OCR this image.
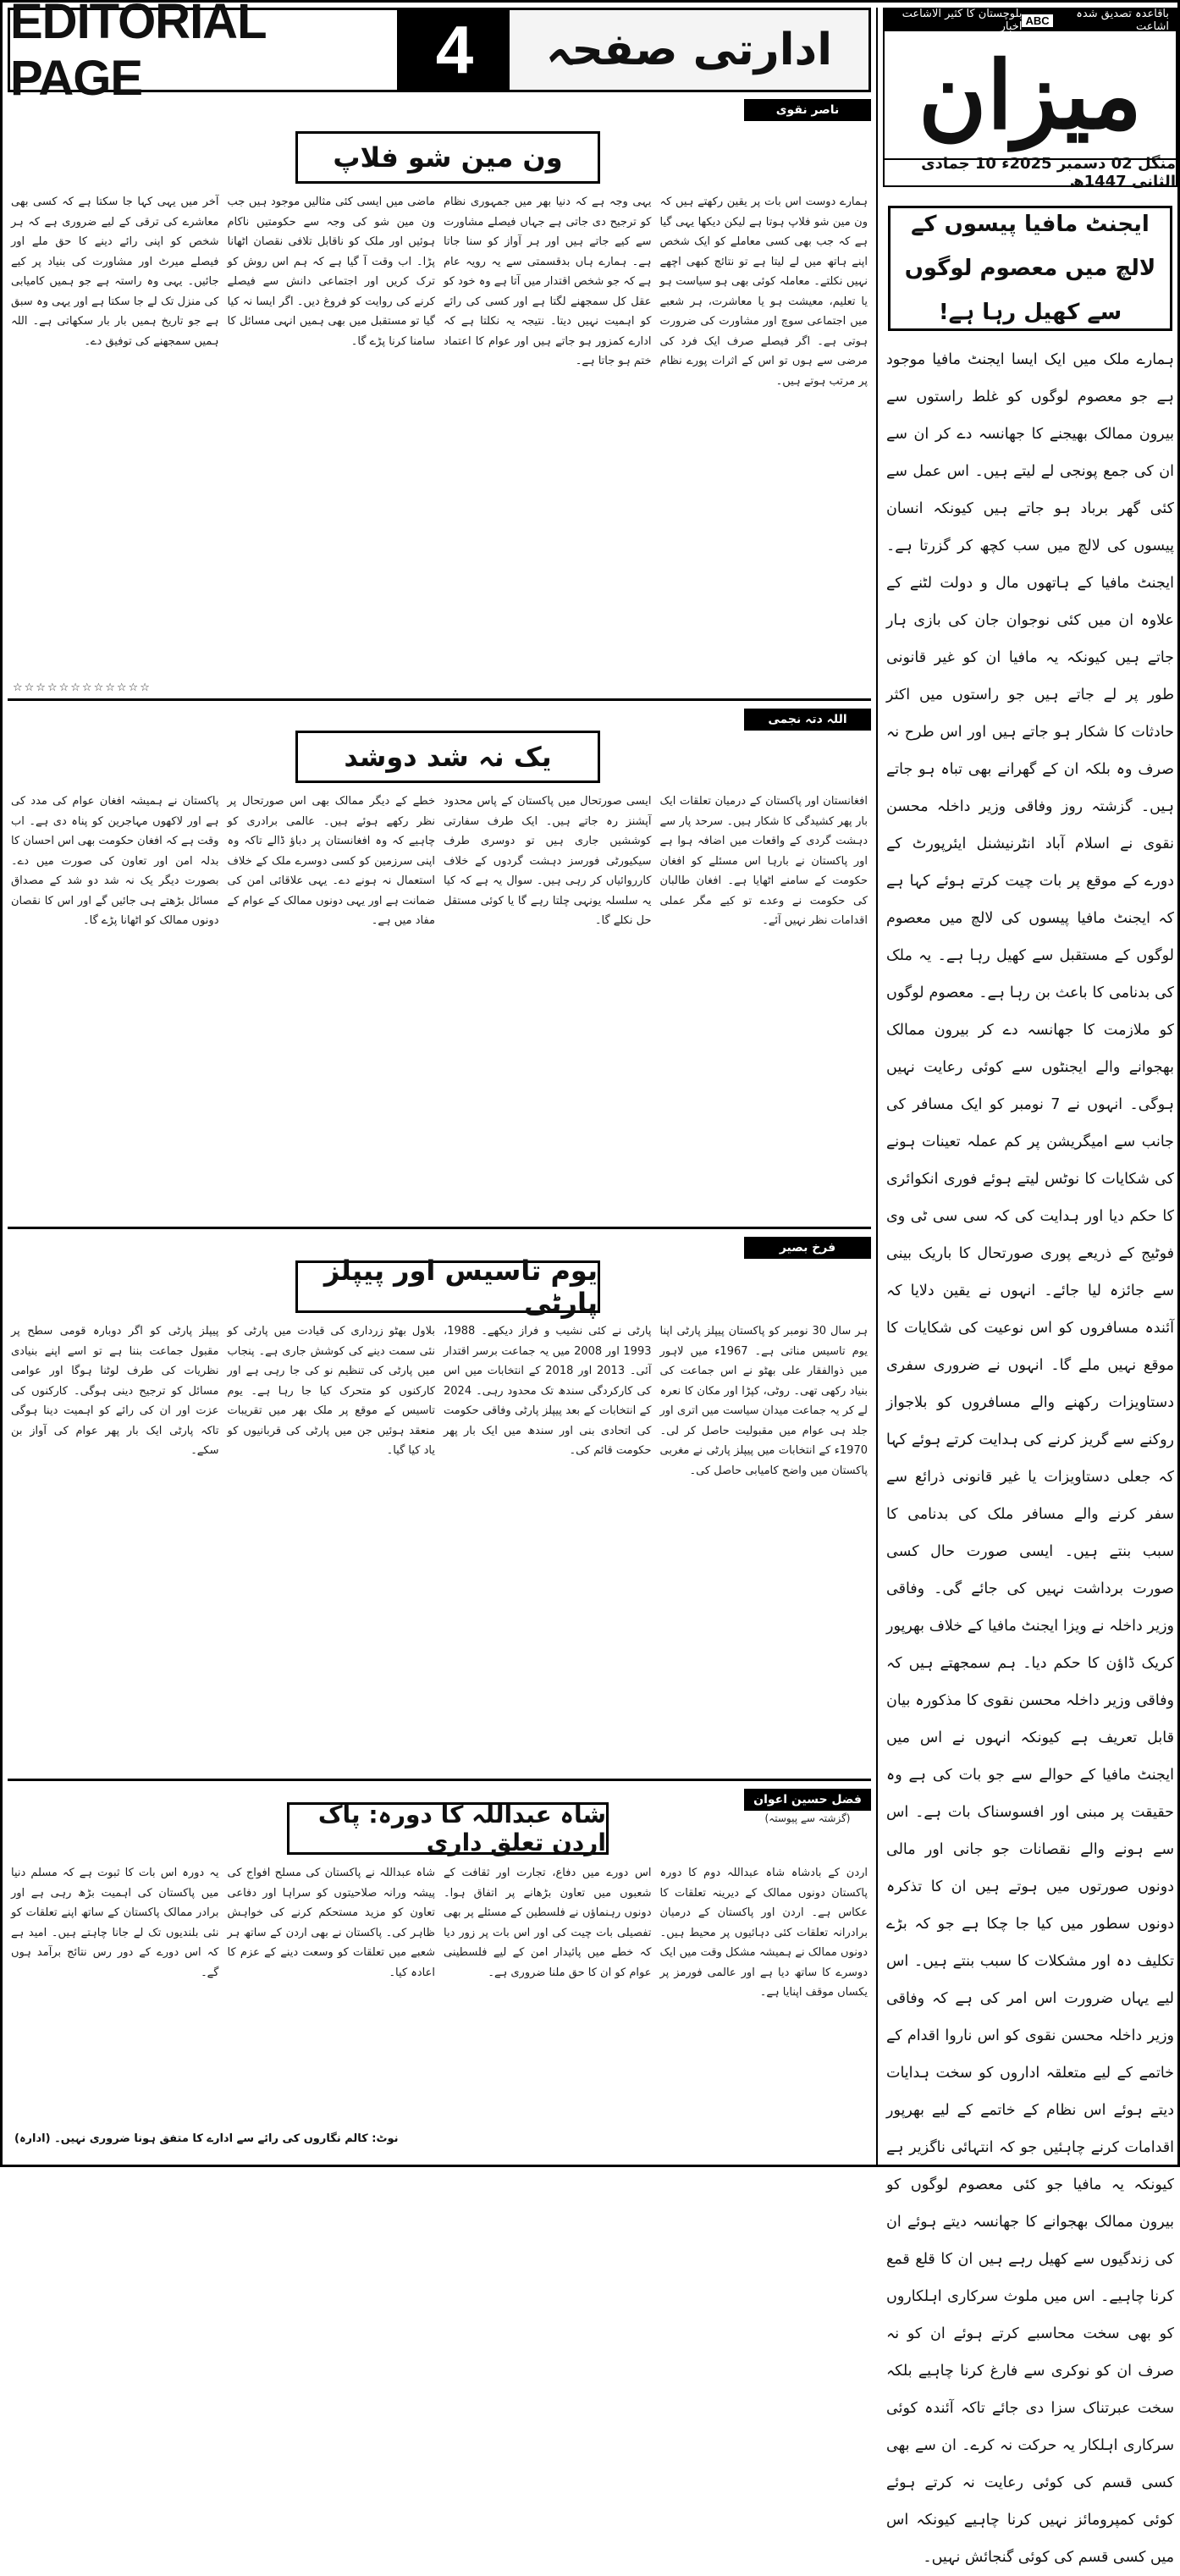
EDITORIAL PAGE	4	ادارتی صفحہ
باقاعدہ تصدیق شدہ اشاعت
ABC
بلوچستان کا کثیر الاشاعت اخبار
میزان
منگل 02 دسمبر 2025ء 10 جمادی الثانی 1447ھ
ایجنٹ مافیا پیسوں کے لالچ میں معصوم لوگوں سے کھیل رہا ہے!
ہمارے ملک میں ایک ایسا ایجنٹ مافیا موجود ہے جو معصوم لوگوں کو غلط راستوں سے بیرون ممالک بھیجنے کا جھانسہ دے کر ان سے ان کی جمع پونجی لے لیتے ہیں۔ اس عمل سے کئی گھر برباد ہو جاتے ہیں کیونکہ انسان پیسوں کی لالچ میں سب کچھ کر گزرتا ہے۔ ایجنٹ مافیا کے ہاتھوں مال و دولت لٹنے کے علاوہ ان میں کئی نوجوان جان کی بازی ہار جاتے ہیں کیونکہ یہ مافیا ان کو غیر قانونی طور پر لے جاتے ہیں جو راستوں میں اکثر حادثات کا شکار ہو جاتے ہیں اور اس طرح نہ صرف وہ بلکہ ان کے گھرانے بھی تباہ ہو جاتے ہیں۔ گزشتہ روز وفاقی وزیر داخلہ محسن نقوی نے اسلام آباد انٹرنیشنل ایئرپورٹ کے دورے کے موقع پر بات چیت کرتے ہوئے کہا ہے کہ ایجنٹ مافیا پیسوں کی لالچ میں معصوم لوگوں کے مستقبل سے کھیل رہا ہے۔ یہ ملک کی بدنامی کا باعث بن رہا ہے۔ معصوم لوگوں کو ملازمت کا جھانسہ دے کر بیرون ممالک بھجوانے والے ایجنٹوں سے کوئی رعایت نہیں ہوگی۔ انہوں نے 7 نومبر کو ایک مسافر کی جانب سے امیگریشن پر کم عملہ تعینات ہونے کی شکایات کا نوٹس لیتے ہوئے فوری انکوائری کا حکم دیا اور ہدایت کی کہ سی سی ٹی وی فوٹیج کے ذریعے پوری صورتحال کا باریک بینی سے جائزہ لیا جائے۔ انہوں نے یقین دلایا کہ آئندہ مسافروں کو اس نوعیت کی شکایات کا موقع نہیں ملے گا۔ انہوں نے ضروری سفری دستاویزات رکھنے والے مسافروں کو بلاجواز روکنے سے گریز کرنے کی ہدایت کرتے ہوئے کہا کہ جعلی دستاویزات یا غیر قانونی ذرائع سے سفر کرنے والے مسافر ملک کی بدنامی کا سبب بنتے ہیں۔ ایسی صورت حال کسی صورت برداشت نہیں کی جائے گی۔ وفاقی وزیر داخلہ نے ویزا ایجنٹ مافیا کے خلاف بھرپور کریک ڈاؤن کا حکم دیا۔ ہم سمجھتے ہیں کہ وفاقی وزیر داخلہ محسن نقوی کا مذکورہ بیان قابل تعریف ہے کیونکہ انہوں نے اس میں ایجنٹ مافیا کے حوالے سے جو بات کی ہے وہ حقیقت پر مبنی اور افسوسناک بات ہے۔ اس سے ہونے والے نقصانات جو جانی اور مالی دونوں صورتوں میں ہوتے ہیں ان کا تذکرہ دونوں سطور میں کیا جا چکا ہے جو کہ بڑے تکلیف دہ اور مشکلات کا سبب بنتے ہیں۔ اس لیے یہاں ضرورت اس امر کی ہے کہ وفاقی وزیر داخلہ محسن نقوی کو اس ناروا اقدام کے خاتمے کے لیے متعلقہ اداروں کو سخت ہدایات دیتے ہوئے اس نظام کے خاتمے کے لیے بھرپور اقدامات کرنے چاہئیں جو کہ انتہائی ناگزیر ہے کیونکہ یہ مافیا جو کئی معصوم لوگوں کو بیرون ممالک بھجوانے کا جھانسہ دیتے ہوئے ان کی زندگیوں سے کھیل رہے ہیں ان کا قلع قمع کرنا چاہیے۔ اس میں ملوث سرکاری اہلکاروں کو بھی سخت محاسبے کرتے ہوئے ان کو نہ صرف ان کو نوکری سے فارغ کرنا چاہیے بلکہ سخت عبرتناک سزا دی جائے تاکہ آئندہ کوئی سرکاری اہلکار یہ حرکت نہ کرے۔ ان سے بھی کسی قسم کی کوئی رعایت نہ کرتے ہوئے کوئی کمپرومائز نہیں کرنا چاہیے کیونکہ اس میں کسی قسم کی کوئی گنجائش نہیں۔
ناصر نقوی
ون مین شو فلاپ
ہمارے دوست اس بات پر یقین رکھتے ہیں کہ ون مین شو فلاپ ہوتا ہے لیکن دیکھا یہی گیا ہے کہ جب بھی کسی معاملے کو ایک شخص اپنے ہاتھ میں لے لیتا ہے تو نتائج کبھی اچھے نہیں نکلتے۔ معاملہ کوئی بھی ہو سیاست ہو یا تعلیم، معیشت ہو یا معاشرت، ہر شعبے میں اجتماعی سوچ اور مشاورت کی ضرورت ہوتی ہے۔ اگر فیصلے صرف ایک فرد کی مرضی سے ہوں تو اس کے اثرات پورے نظام پر مرتب ہوتے ہیں۔
یہی وجہ ہے کہ دنیا بھر میں جمہوری نظام کو ترجیح دی جاتی ہے جہاں فیصلے مشاورت سے کیے جاتے ہیں اور ہر آواز کو سنا جاتا ہے۔ ہمارے ہاں بدقسمتی سے یہ رویہ عام ہے کہ جو شخص اقتدار میں آتا ہے وہ خود کو عقل کل سمجھنے لگتا ہے اور کسی کی رائے کو اہمیت نہیں دیتا۔ نتیجہ یہ نکلتا ہے کہ ادارے کمزور ہو جاتے ہیں اور عوام کا اعتماد ختم ہو جاتا ہے۔
ماضی میں ایسی کئی مثالیں موجود ہیں جب ون مین شو کی وجہ سے حکومتیں ناکام ہوئیں اور ملک کو ناقابل تلافی نقصان اٹھانا پڑا۔ اب وقت آ گیا ہے کہ ہم اس روش کو ترک کریں اور اجتماعی دانش سے فیصلے کرنے کی روایت کو فروغ دیں۔ اگر ایسا نہ کیا گیا تو مستقبل میں بھی ہمیں انہی مسائل کا سامنا کرنا پڑے گا۔
آخر میں یہی کہا جا سکتا ہے کہ کسی بھی معاشرے کی ترقی کے لیے ضروری ہے کہ ہر شخص کو اپنی رائے دینے کا حق ملے اور فیصلے میرٹ اور مشاورت کی بنیاد پر کیے جائیں۔ یہی وہ راستہ ہے جو ہمیں کامیابی کی منزل تک لے جا سکتا ہے اور یہی وہ سبق ہے جو تاریخ ہمیں بار بار سکھاتی ہے۔ اللہ ہمیں سمجھنے کی توفیق دے۔
☆☆☆☆☆☆☆☆☆☆☆☆
اللہ دتہ نجمی
یک نہ شد دوشد
افغانستان اور پاکستان کے درمیان تعلقات ایک بار پھر کشیدگی کا شکار ہیں۔ سرحد پار سے دہشت گردی کے واقعات میں اضافہ ہوا ہے اور پاکستان نے بارہا اس مسئلے کو افغان حکومت کے سامنے اٹھایا ہے۔ افغان طالبان کی حکومت نے وعدے تو کیے مگر عملی اقدامات نظر نہیں آئے۔
ایسی صورتحال میں پاکستان کے پاس محدود آپشنز رہ جاتے ہیں۔ ایک طرف سفارتی کوششیں جاری ہیں تو دوسری طرف سیکیورٹی فورسز دہشت گردوں کے خلاف کارروائیاں کر رہی ہیں۔ سوال یہ ہے کہ کیا یہ سلسلہ یونہی چلتا رہے گا یا کوئی مستقل حل نکلے گا۔
خطے کے دیگر ممالک بھی اس صورتحال پر نظر رکھے ہوئے ہیں۔ عالمی برادری کو چاہیے کہ وہ افغانستان پر دباؤ ڈالے تاکہ وہ اپنی سرزمین کو کسی دوسرے ملک کے خلاف استعمال نہ ہونے دے۔ یہی علاقائی امن کی ضمانت ہے اور یہی دونوں ممالک کے عوام کے مفاد میں ہے۔
پاکستان نے ہمیشہ افغان عوام کی مدد کی ہے اور لاکھوں مہاجرین کو پناہ دی ہے۔ اب وقت ہے کہ افغان حکومت بھی اس احسان کا بدلہ امن اور تعاون کی صورت میں دے۔ بصورت دیگر یک نہ شد دو شد کے مصداق مسائل بڑھتے ہی جائیں گے اور اس کا نقصان دونوں ممالک کو اٹھانا پڑے گا۔
فرخ بصیر
یوم تاسیس اور پیپلز پارٹی
ہر سال 30 نومبر کو پاکستان پیپلز پارٹی اپنا یوم تاسیس مناتی ہے۔ 1967ء میں لاہور میں ذوالفقار علی بھٹو نے اس جماعت کی بنیاد رکھی تھی۔ روٹی، کپڑا اور مکان کا نعرہ لے کر یہ جماعت میدان سیاست میں اتری اور جلد ہی عوام میں مقبولیت حاصل کر لی۔ 1970ء کے انتخابات میں پیپلز پارٹی نے مغربی پاکستان میں واضح کامیابی حاصل کی۔
پارٹی نے کئی نشیب و فراز دیکھے۔ 1988، 1993 اور 2008 میں یہ جماعت برسر اقتدار آئی۔ 2013 اور 2018 کے انتخابات میں اس کی کارکردگی سندھ تک محدود رہی۔ 2024 کے انتخابات کے بعد پیپلز پارٹی وفاقی حکومت کی اتحادی بنی اور سندھ میں ایک بار پھر حکومت قائم کی۔
بلاول بھٹو زرداری کی قیادت میں پارٹی کو نئی سمت دینے کی کوشش جاری ہے۔ پنجاب میں پارٹی کی تنظیم نو کی جا رہی ہے اور کارکنوں کو متحرک کیا جا رہا ہے۔ یوم تاسیس کے موقع پر ملک بھر میں تقریبات منعقد ہوئیں جن میں پارٹی کی قربانیوں کو یاد کیا گیا۔
پیپلز پارٹی کو اگر دوبارہ قومی سطح پر مقبول جماعت بننا ہے تو اسے اپنے بنیادی نظریات کی طرف لوٹنا ہوگا اور عوامی مسائل کو ترجیح دینی ہوگی۔ کارکنوں کی عزت اور ان کی رائے کو اہمیت دینا ہوگی تاکہ پارٹی ایک بار پھر عوام کی آواز بن سکے۔
فضل حسین اعوان
(گزشتہ سے پیوستہ)
شاہ عبداللہ کا دورہ: پاک اردن تعلق داری
اردن کے بادشاہ شاہ عبداللہ دوم کا دورہ پاکستان دونوں ممالک کے دیرینہ تعلقات کا عکاس ہے۔ اردن اور پاکستان کے درمیان برادرانہ تعلقات کئی دہائیوں پر محیط ہیں۔ دونوں ممالک نے ہمیشہ مشکل وقت میں ایک دوسرے کا ساتھ دیا ہے اور عالمی فورمز پر یکساں موقف اپنایا ہے۔
اس دورے میں دفاع، تجارت اور ثقافت کے شعبوں میں تعاون بڑھانے پر اتفاق ہوا۔ دونوں رہنماؤں نے فلسطین کے مسئلے پر بھی تفصیلی بات چیت کی اور اس بات پر زور دیا کہ خطے میں پائیدار امن کے لیے فلسطینی عوام کو ان کا حق ملنا ضروری ہے۔
شاہ عبداللہ نے پاکستان کی مسلح افواج کی پیشہ ورانہ صلاحیتوں کو سراہا اور دفاعی تعاون کو مزید مستحکم کرنے کی خواہش ظاہر کی۔ پاکستان نے بھی اردن کے ساتھ ہر شعبے میں تعلقات کو وسعت دینے کے عزم کا اعادہ کیا۔
یہ دورہ اس بات کا ثبوت ہے کہ مسلم دنیا میں پاکستان کی اہمیت بڑھ رہی ہے اور برادر ممالک پاکستان کے ساتھ اپنے تعلقات کو نئی بلندیوں تک لے جانا چاہتے ہیں۔ امید ہے کہ اس دورے کے دور رس نتائج برآمد ہوں گے۔
نوٹ: کالم نگاروں کی رائے سے ادارے کا متفق ہونا ضروری نہیں۔ (ادارہ)
